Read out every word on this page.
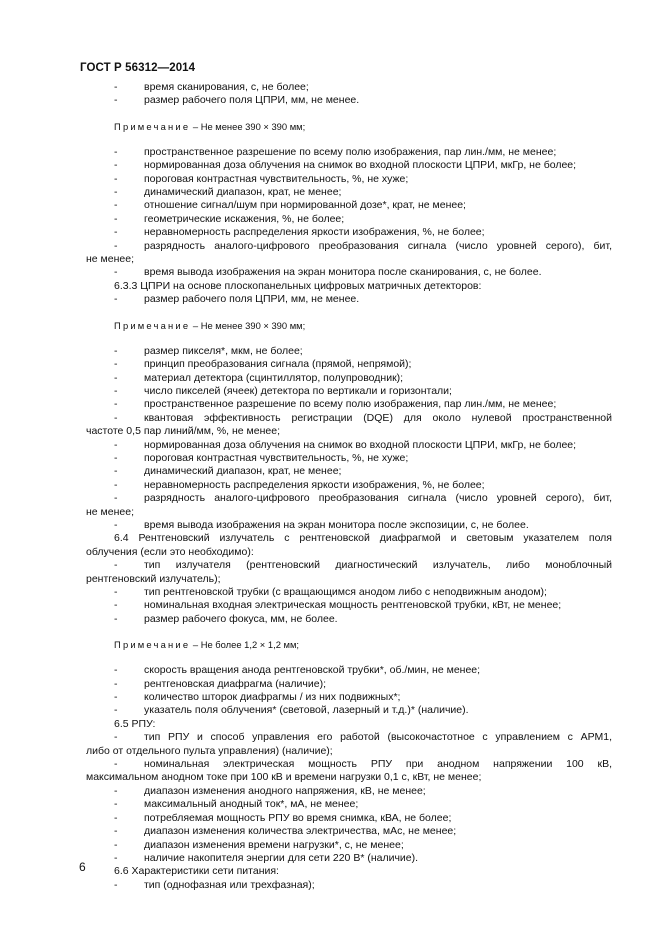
ГОСТ Р 56312—2014
-	время сканирования, с, не более;
-	размер рабочего поля ЦПРИ, мм, не менее.
Примечание – Не менее 390 × 390 мм;
-	пространственное разрешение по всему полю изображения, пар лин./мм, не менее;
-	нормированная доза облучения на снимок во входной плоскости ЦПРИ, мкГр, не более;
-	пороговая контрастная чувствительность, %, не хуже;
-	динамический диапазон, крат, не менее;
-	отношение сигнал/шум при нормированной дозе*, крат, не менее;
-	геометрические искажения, %, не более;
-	неравномерность распределения яркости изображения, %, не более;
-	разрядность аналого-цифрового преобразования сигнала (число уровней серого), бит,
не менее;
-	время вывода изображения на экран монитора после сканирования, с, не более.
6.3.3 ЦПРИ на основе плоскопанельных цифровых матричных детекторов:
-	размер рабочего поля ЦПРИ, мм, не менее.
Примечание – Не менее 390 × 390 мм;
-	размер пикселя*, мкм, не более;
-	принцип преобразования сигнала (прямой, непрямой);
-	материал детектора (сцинтиллятор, полупроводник);
-	число пикселей (ячеек) детектора по вертикали и горизонтали;
-	пространственное разрешение по всему полю изображения, пар лин./мм, не менее;
-	квантовая эффективность регистрации (DQE) для около нулевой пространственной
частоте 0,5 пар линий/мм, %, не менее;
-	нормированная доза облучения на снимок во входной плоскости ЦПРИ, мкГр, не более;
-	пороговая контрастная чувствительность, %, не хуже;
-	динамический диапазон, крат, не менее;
-	неравномерность распределения яркости изображения, %, не более;
-	разрядность аналого-цифрового преобразования сигнала (число уровней серого), бит,
не менее;
-	время вывода изображения на экран монитора после экспозиции, с, не более.
6.4 Рентгеновский излучатель с рентгеновской диафрагмой и световым указателем поля
облучения (если это необходимо):
-	тип излучателя (рентгеновский диагностический излучатель, либо моноблочный
рентгеновский излучатель);
-	тип рентгеновской трубки (с вращающимся анодом либо с неподвижным анодом);
-	номинальная входная электрическая мощность рентгеновской трубки, кВт, не менее;
-	размер рабочего фокуса, мм, не более.
Примечание – Не более 1,2 × 1,2 мм;
-	скорость вращения анода рентгеновской трубки*, об./мин, не менее;
-	рентгеновская диафрагма (наличие);
-	количество шторок диафрагмы / из них подвижных*;
-	указатель поля облучения* (световой, лазерный и т.д.)* (наличие).
6.5 РПУ:
-	тип РПУ и способ управления его работой (высокочастотное с управлением с АРМ1,
либо от отдельного пульта управления) (наличие);
-	номинальная электрическая мощность РПУ при анодном напряжении 100 кВ,
максимальном анодном токе при 100 кВ и времени нагрузки 0,1 с, кВт, не менее;
-	диапазон изменения анодного напряжения, кВ, не менее;
-	максимальный анодный ток*, мА, не менее;
-	потребляемая мощность РПУ во время снимка, кВА, не более;
-	диапазон изменения количества электричества, мАс, не менее;
-	диапазон изменения времени нагрузки*, с, не менее;
-	наличие накопителя энергии для сети 220 В* (наличие).
6.6 Характеристики сети питания:
-	тип (однофазная или трехфазная);
6
